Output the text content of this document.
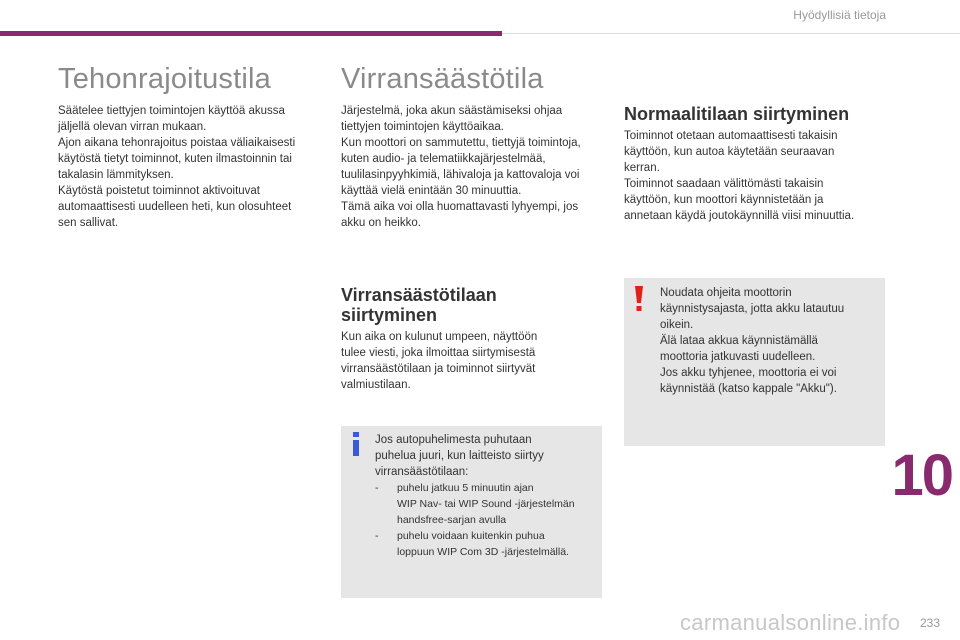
Hyödyllisiä tietoja
Tehonrajoitustila

Säätelee tiettyjen toimintojen käyttöä akussa

jäljellä olevan virran mukaan.

Ajon aikana tehonrajoitus poistaa väliaikaisesti

käytöstä tietyt toiminnot, kuten ilmastoinnin tai

takalasin lämmityksen.

Käytöstä poistetut toiminnot aktivoituvat

automaattisesti uudelleen heti, kun olosuhteet

sen sallivat.

Virransäästötila

Järjestelmä, joka akun säästämiseksi ohjaa

tiettyjen toimintojen käyttöaikaa.

Kun moottori on sammutettu, tiettyjä toimintoja,

kuten audio- ja telematiikkajärjestelmää,

tuulilasinpyyhkimiä, lähivaloja ja kattovaloja voi

käyttää vielä enintään 30 minuuttia.

Tämä aika voi olla huomattavasti lyhyempi, jos

akku on heikko.

Virransäästötilaan
siirtyminen

Kun aika on kulunut umpeen, näyttöön

tulee viesti, joka ilmoittaa siirtymisestä

virransäästötilaan ja toiminnot siirtyvät

valmiustilaan.

Jos autopuhelimesta puhutaan

puhelua juuri, kun laitteisto siirtyy

virransäästötilaan:

- puhelu jatkuu 5 minuutin ajan
WIP Nav- tai WIP Sound -järjestelmän
handsfree-sarjan avulla
- puhelu voidaan kuitenkin puhua
loppuun WIP Com 3D -järjestelmällä.
Normaalitilaan siirtyminen

Toiminnot otetaan automaattisesti takaisin

käyttöön, kun autoa käytetään seuraavan

kerran.

Toiminnot saadaan välittömästi takaisin

käyttöön, kun moottori käynnistetään ja

annetaan käydä joutokäynnillä viisi minuuttia.

Noudata ohjeita moottorin

käynnistysajasta, jotta akku latautuu

oikein.

Älä lataa akkua käynnistämällä

moottoria jatkuvasti uudelleen.

Jos akku tyhjenee, moottoria ei voi

käynnistää (katso kappale "Akku").

10
carmanualsonline.info 233
